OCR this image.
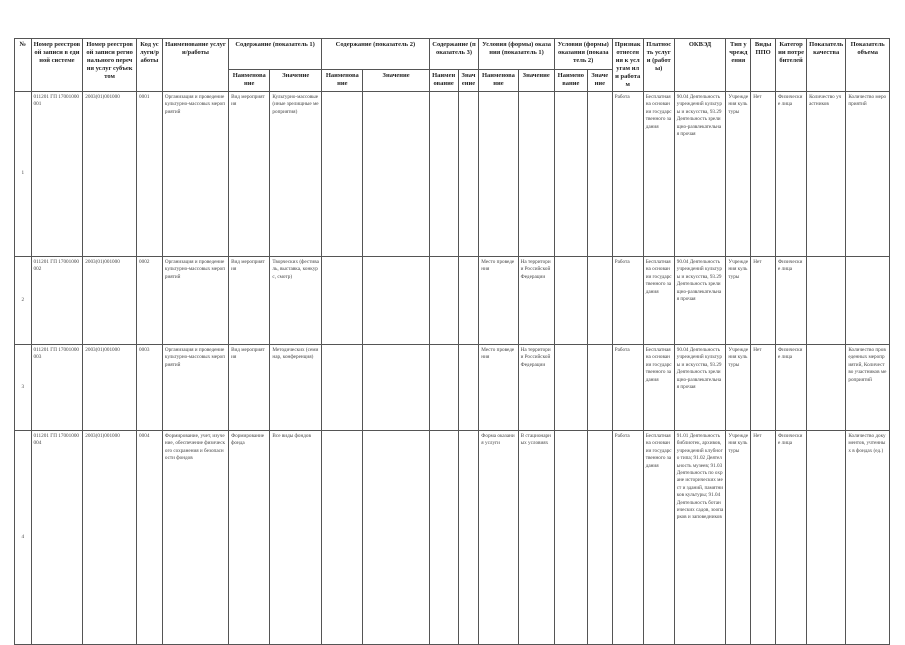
№	Номер реестровой записи в единой системе	Номер реестровой записи регионального перечня услуг субъектом	Код услуги/работы	Наименование услуги/работы	Содержание (показатель 1)		Содержание (показатель 2)		Содержание (показатель 3)		Условия (формы) оказания (показатель 1)		Условия (формы) оказания (показатель 2)		Признак отнесения к услугам или работам	Платность услуги (работы)	ОКВЭД	Тип учреждения	Виды ППО	Категории потребителей	Показатель качества	Показатель объема
					Наименование	Значение	Наименование	Значение	Наименование	Значение	Наименование	Значение	Наименование	Значение								
1	011201 ГП 17001000001	2003(01)001000	0001	Организация и проведение культурно-массовых мероприятий	Вид мероприятия	Культурно-массовые (иные зрелищные мероприятия)									Работа	Бесплатная на основании государственного задания	90.04 Деятельность учреждений культуры и искусства, 93.29 Деятельность зрелищно-развлекательная прочая	Учреждения культуры	Нет	Физические лица	Количество участников	Количество мероприятий
2	011201 ГП 17001000002	2003(01)001000	0002	Организация и проведение культурно-массовых мероприятий	Вид мероприятия	Творческих (фестиваль, выставка, конкурс, смотр)					Место проведения	На территории Российской Федерации			Работа	Бесплатная на основании государственного задания	90.04 Деятельность учреждений культуры и искусства, 93.29 Деятельность зрелищно-развлекательная прочая	Учреждения культуры	Нет	Физические лица		
3	011201 ГП 17001000003	2003(01)001000	0003	Организация и проведение культурно-массовых мероприятий	Вид мероприятия	Методических (семинар, конференция)					Место проведения	На территории Российской Федерации			Работа	Бесплатная на основании государственного задания	90.04 Деятельность учреждений культуры и искусства, 93.29 Деятельность зрелищно-развлекательная прочая	Учреждения культуры	Нет	Физические лица		Количество проведенных мероприятий, Количество участников мероприятий
4	011201 ГП 17001000004	2003(01)001000	0004	Формирование, учет, изучение, обеспечение физического сохранения и безопасности фондов	Формирование фонда	Все виды фондов					Форма оказания услуги	В стационарных условиях			Работа	Бесплатная на основании государственного задания	91.01 Деятельность библиотек, архивов, учреждений клубного типа; 91.02 Деятельность музеев; 91.03 Деятельность по охране исторических мест и зданий, памятников культуры; 91.04 Деятельность ботанических садов, зоопарков и заповедников	Учреждения культуры	Нет	Физические лица		Количество документов, учтенных в фондах (ед.)
